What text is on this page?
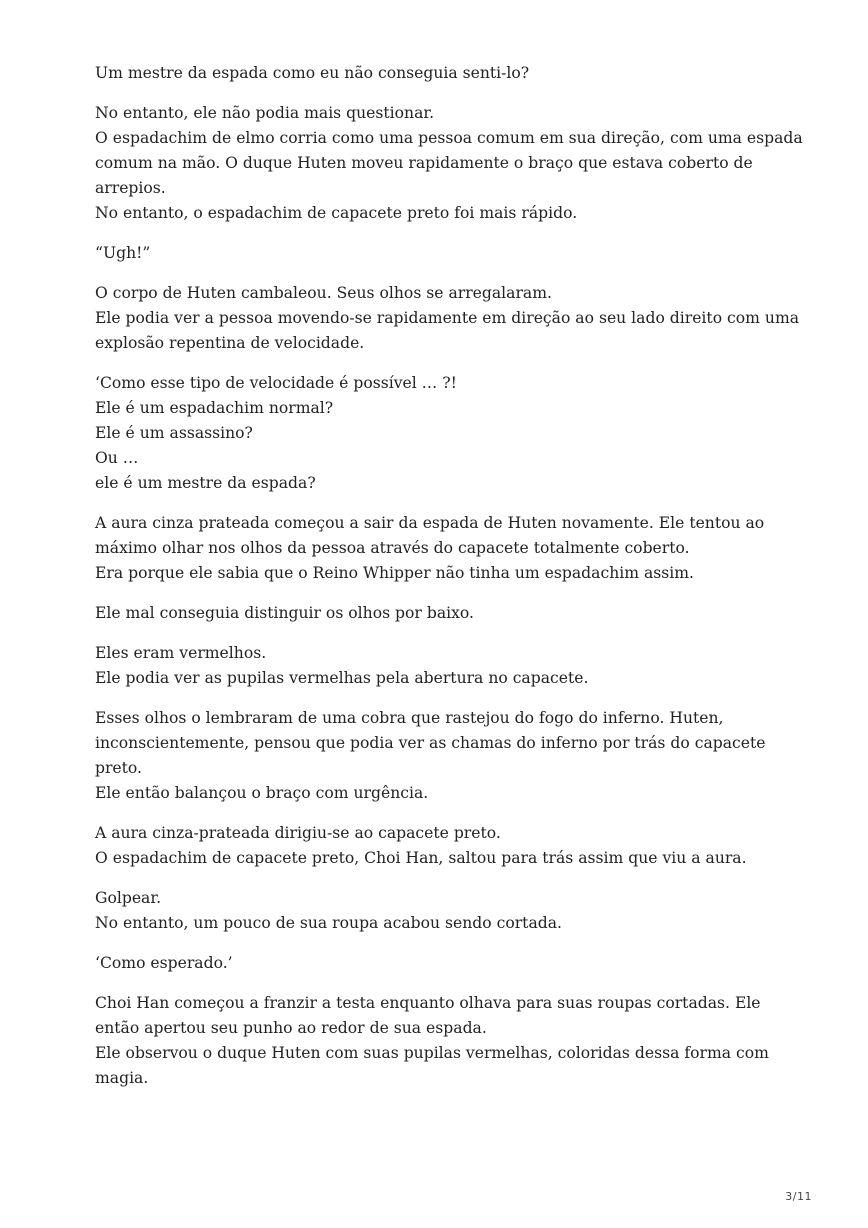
Um mestre da espada como eu não conseguia senti-lo?
No entanto, ele não podia mais questionar.
O espadachim de elmo corria como uma pessoa comum em sua direção, com uma espada
comum na mão. O duque Huten moveu rapidamente o braço que estava coberto de
arrepios.
No entanto, o espadachim de capacete preto foi mais rápido.
“Ugh!”
O corpo de Huten cambaleou. Seus olhos se arregalaram.
Ele podia ver a pessoa movendo-se rapidamente em direção ao seu lado direito com uma
explosão repentina de velocidade.
‘Como esse tipo de velocidade é possível … ?!
Ele é um espadachim normal?
Ele é um assassino?
Ou …
ele é um mestre da espada?
A aura cinza prateada começou a sair da espada de Huten novamente. Ele tentou ao
máximo olhar nos olhos da pessoa através do capacete totalmente coberto.
Era porque ele sabia que o Reino Whipper não tinha um espadachim assim.
Ele mal conseguia distinguir os olhos por baixo.
Eles eram vermelhos.
Ele podia ver as pupilas vermelhas pela abertura no capacete.
Esses olhos o lembraram de uma cobra que rastejou do fogo do inferno. Huten,
inconscientemente, pensou que podia ver as chamas do inferno por trás do capacete
preto.
Ele então balançou o braço com urgência.
A aura cinza-prateada dirigiu-se ao capacete preto.
O espadachim de capacete preto, Choi Han, saltou para trás assim que viu a aura.
Golpear.
No entanto, um pouco de sua roupa acabou sendo cortada.
‘Como esperado.’
Choi Han começou a franzir a testa enquanto olhava para suas roupas cortadas. Ele
então apertou seu punho ao redor de sua espada.
Ele observou o duque Huten com suas pupilas vermelhas, coloridas dessa forma com
magia.
3/11
